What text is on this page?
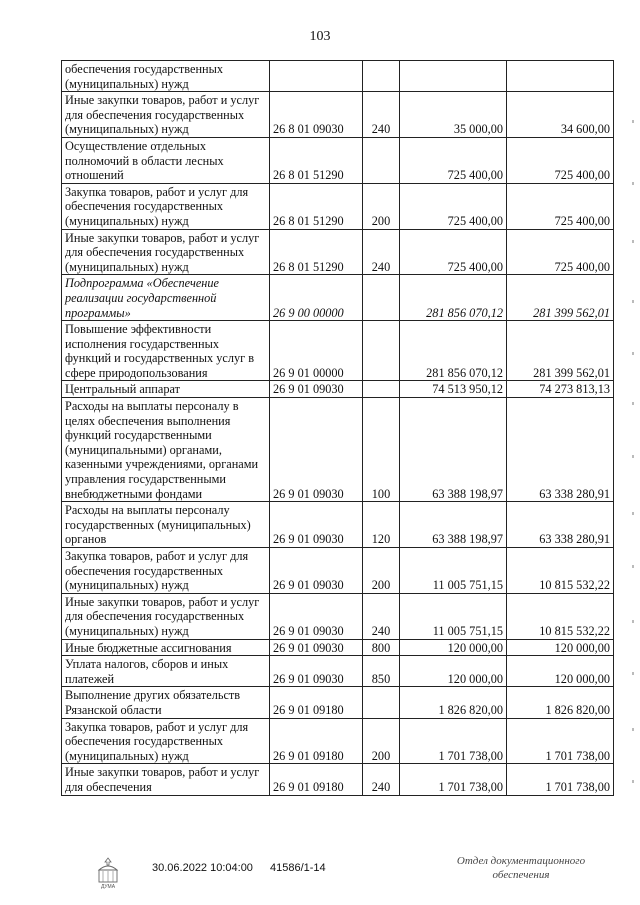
103
обеспечения государственных (муниципальных) нужд				
Иные закупки товаров, работ и услуг для обеспечения государственных (муниципальных) нужд	26 8 01 09030	240	35 000,00	34 600,00
Осуществление отдельных полномочий в области лесных отношений	26 8 01 51290		725 400,00	725 400,00
Закупка товаров, работ и услуг для обеспечения государственных (муниципальных) нужд	26 8 01 51290	200	725 400,00	725 400,00
Иные закупки товаров, работ и услуг для обеспечения государственных (муниципальных) нужд	26 8 01 51290	240	725 400,00	725 400,00
Подпрограмма «Обеспечение реализации государственной программы»	26 9 00 00000		281 856 070,12	281 399 562,01
Повышение эффективности исполнения государственных функций и государственных услуг в сфере природопользования	26 9 01 00000		281 856 070,12	281 399 562,01
Центральный аппарат	26 9 01 09030		74 513 950,12	74 273 813,13
Расходы на выплаты персоналу в целях обеспечения выполнения функций государственными (муниципальными) органами, казенными учреждениями, органами управления государственными внебюджетными фондами	26 9 01 09030	100	63 388 198,97	63 338 280,91
Расходы на выплаты персоналу государственных (муниципальных) органов	26 9 01 09030	120	63 388 198,97	63 338 280,91
Закупка товаров, работ и услуг для обеспечения государственных (муниципальных) нужд	26 9 01 09030	200	11 005 751,15	10 815 532,22
Иные закупки товаров, работ и услуг для обеспечения государственных (муниципальных) нужд	26 9 01 09030	240	11 005 751,15	10 815 532,22
Иные бюджетные ассигнования	26 9 01 09030	800	120 000,00	120 000,00
Уплата налогов, сборов и иных платежей	26 9 01 09030	850	120 000,00	120 000,00
Выполнение других обязательств Рязанской области	26 9 01 09180		1 826 820,00	1 826 820,00
Закупка товаров, работ и услуг для обеспечения государственных (муниципальных) нужд	26 9 01 09180	200	1 701 738,00	1 701 738,00
Иные закупки товаров, работ и услуг для обеспечения	26 9 01 09180	240	1 701 738,00	1 701 738,00
ДУМА
30.06.2022 10:04:00 41586/1-14
Отдел документационного
обеспечения
